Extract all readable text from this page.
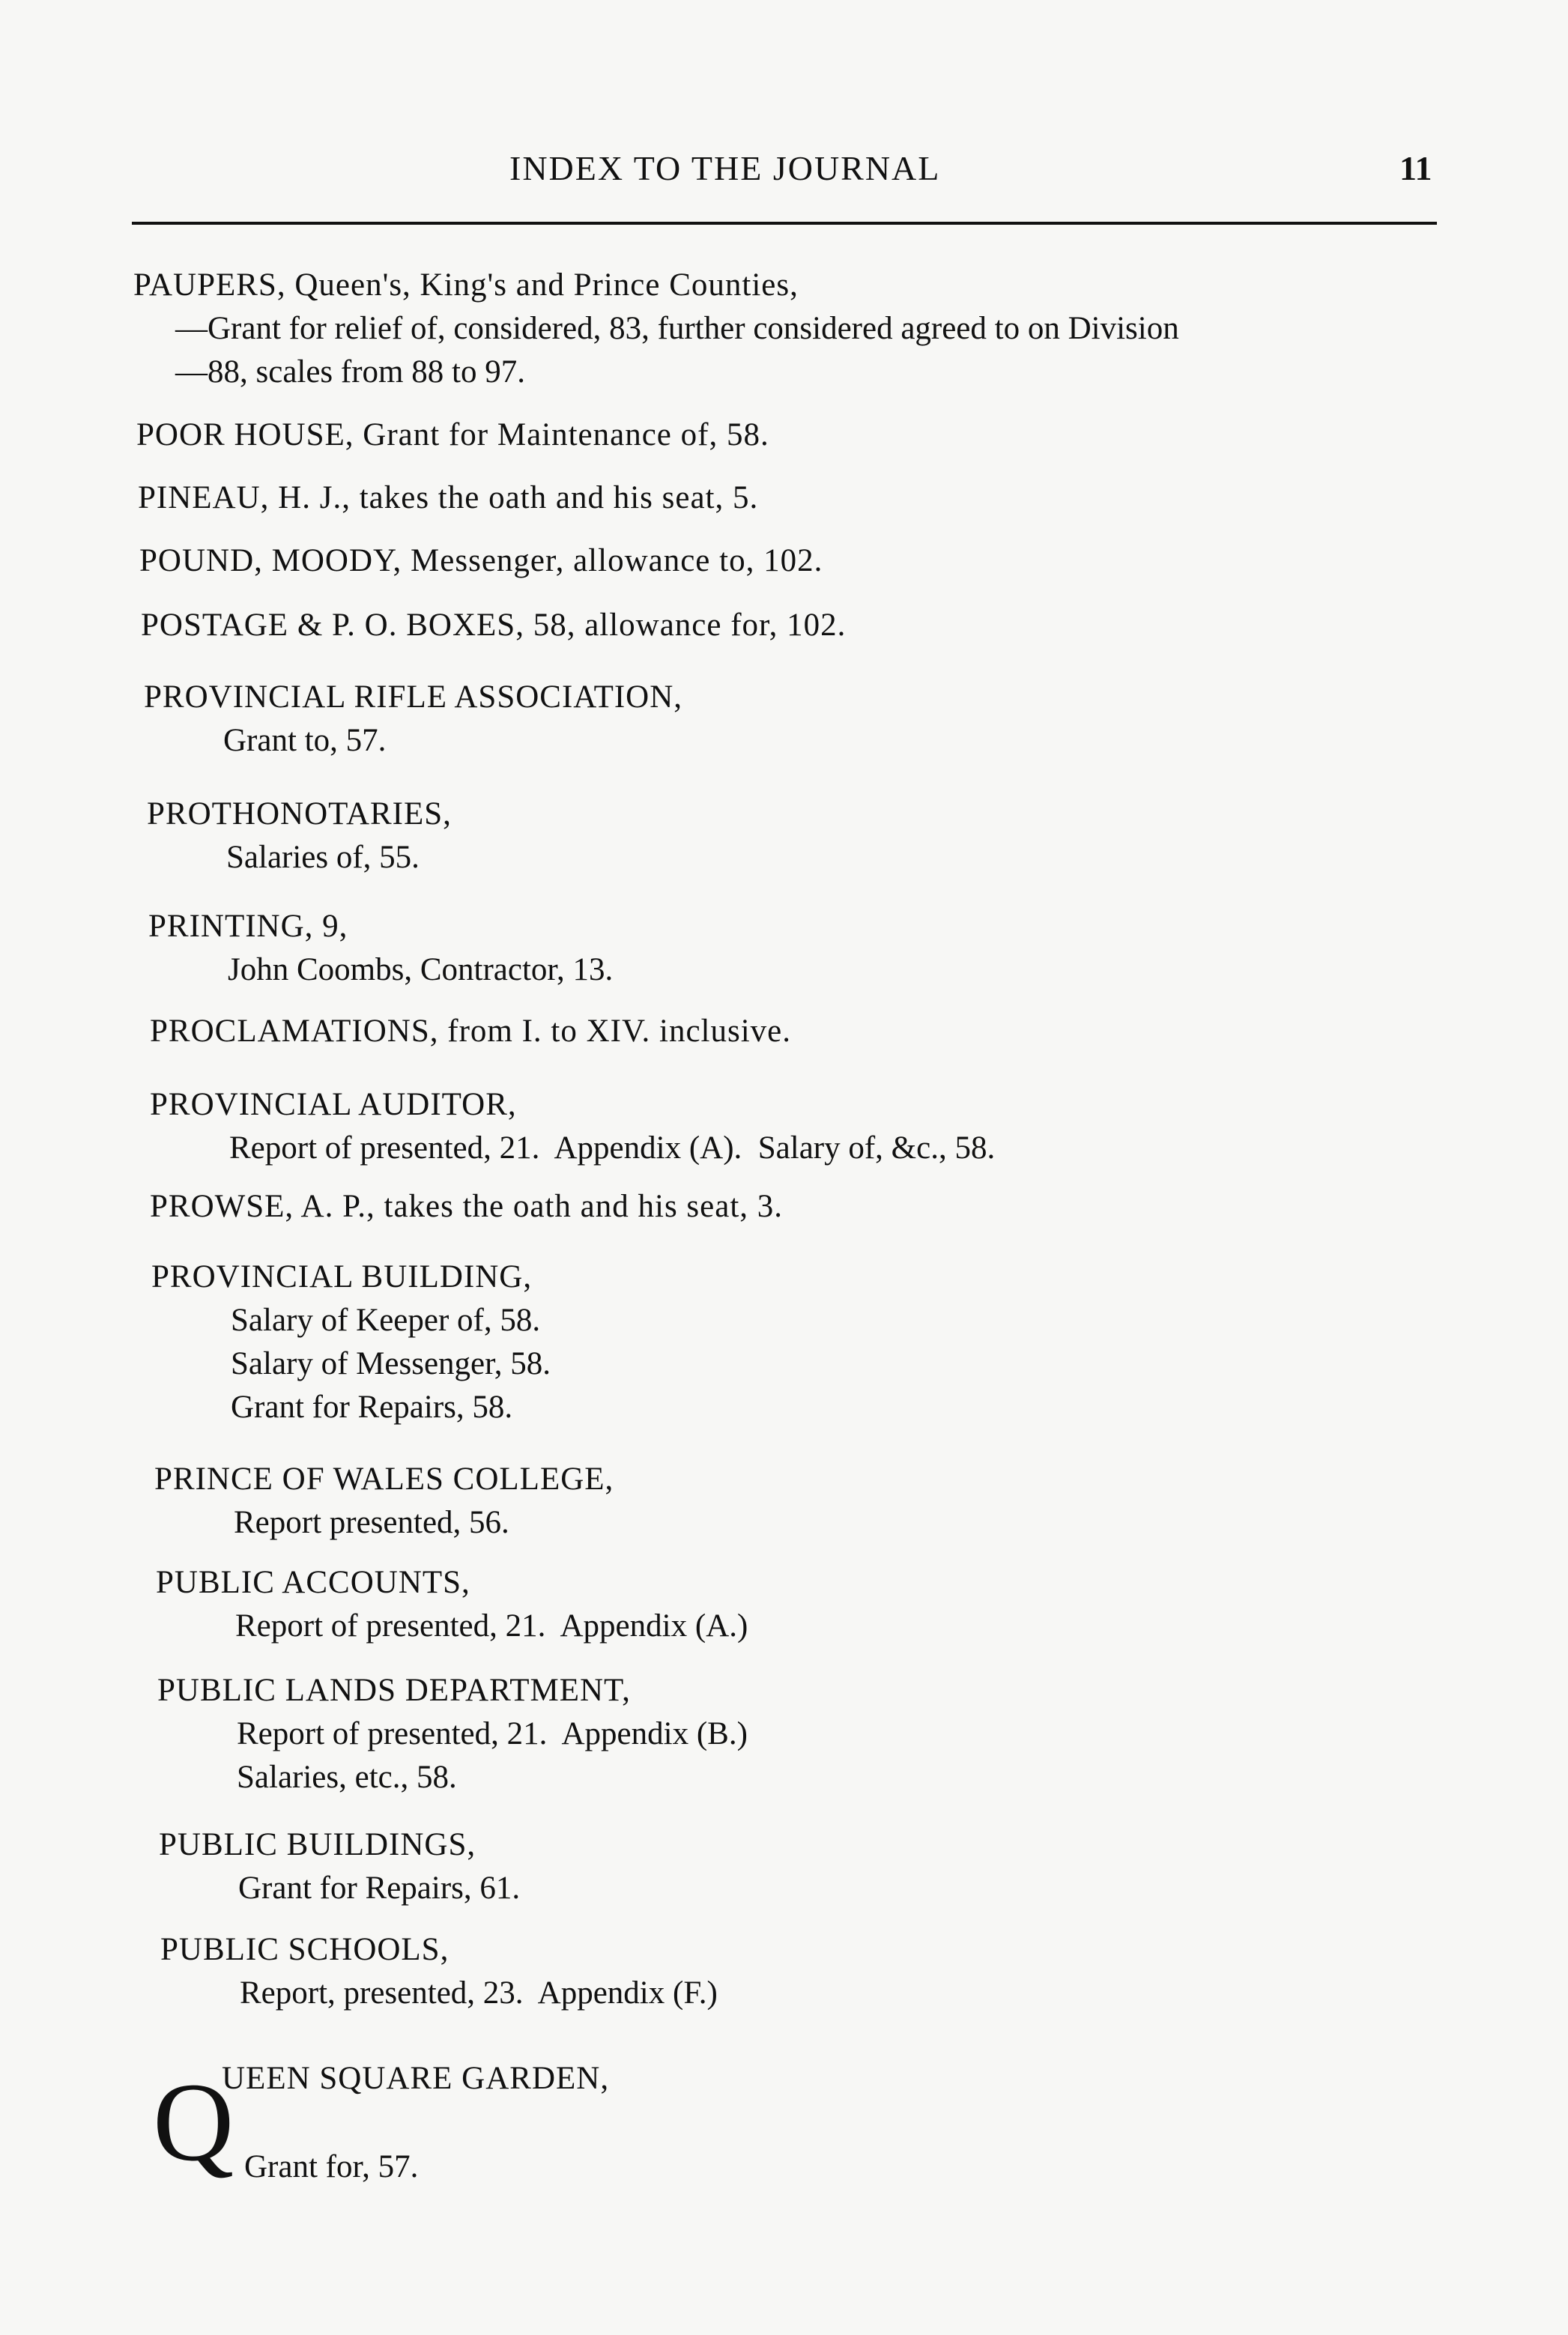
INDEX TO THE JOURNAL	11
PAUPERS, Queen's, King's and Prince Counties,
—Grant for relief of, considered, 83, further considered agreed to on Division
—88, scales from 88 to 97.
POOR HOUSE, Grant for Maintenance of, 58.
PINEAU, H. J., takes the oath and his seat, 5.
POUND, MOODY, Messenger, allowance to, 102.
POSTAGE & P. O. BOXES, 58, allowance for, 102.
PROVINCIAL RIFLE ASSOCIATION,
Grant to, 57.
PROTHONOTARIES,
Salaries of, 55.
PRINTING, 9,
John Coombs, Contractor, 13.
PROCLAMATIONS, from I. to XIV. inclusive.
PROVINCIAL AUDITOR,
Report of presented, 21.  Appendix (A).  Salary of, &c., 58.
PROWSE, A. P., takes the oath and his seat, 3.
PROVINCIAL BUILDING,
Salary of Keeper of, 58.
Salary of Messenger, 58.
Grant for Repairs, 58.
PRINCE OF WALES COLLEGE,
Report presented, 56.
PUBLIC ACCOUNTS,
Report of presented, 21.  Appendix (A.)
PUBLIC LANDS DEPARTMENT,
Report of presented, 21.  Appendix (B.)
Salaries, etc., 58.
PUBLIC BUILDINGS,
Grant for Repairs, 61.
PUBLIC SCHOOLS,
Report, presented, 23.  Appendix (F.)
Q
UEEN SQUARE GARDEN,
Grant for, 57.
